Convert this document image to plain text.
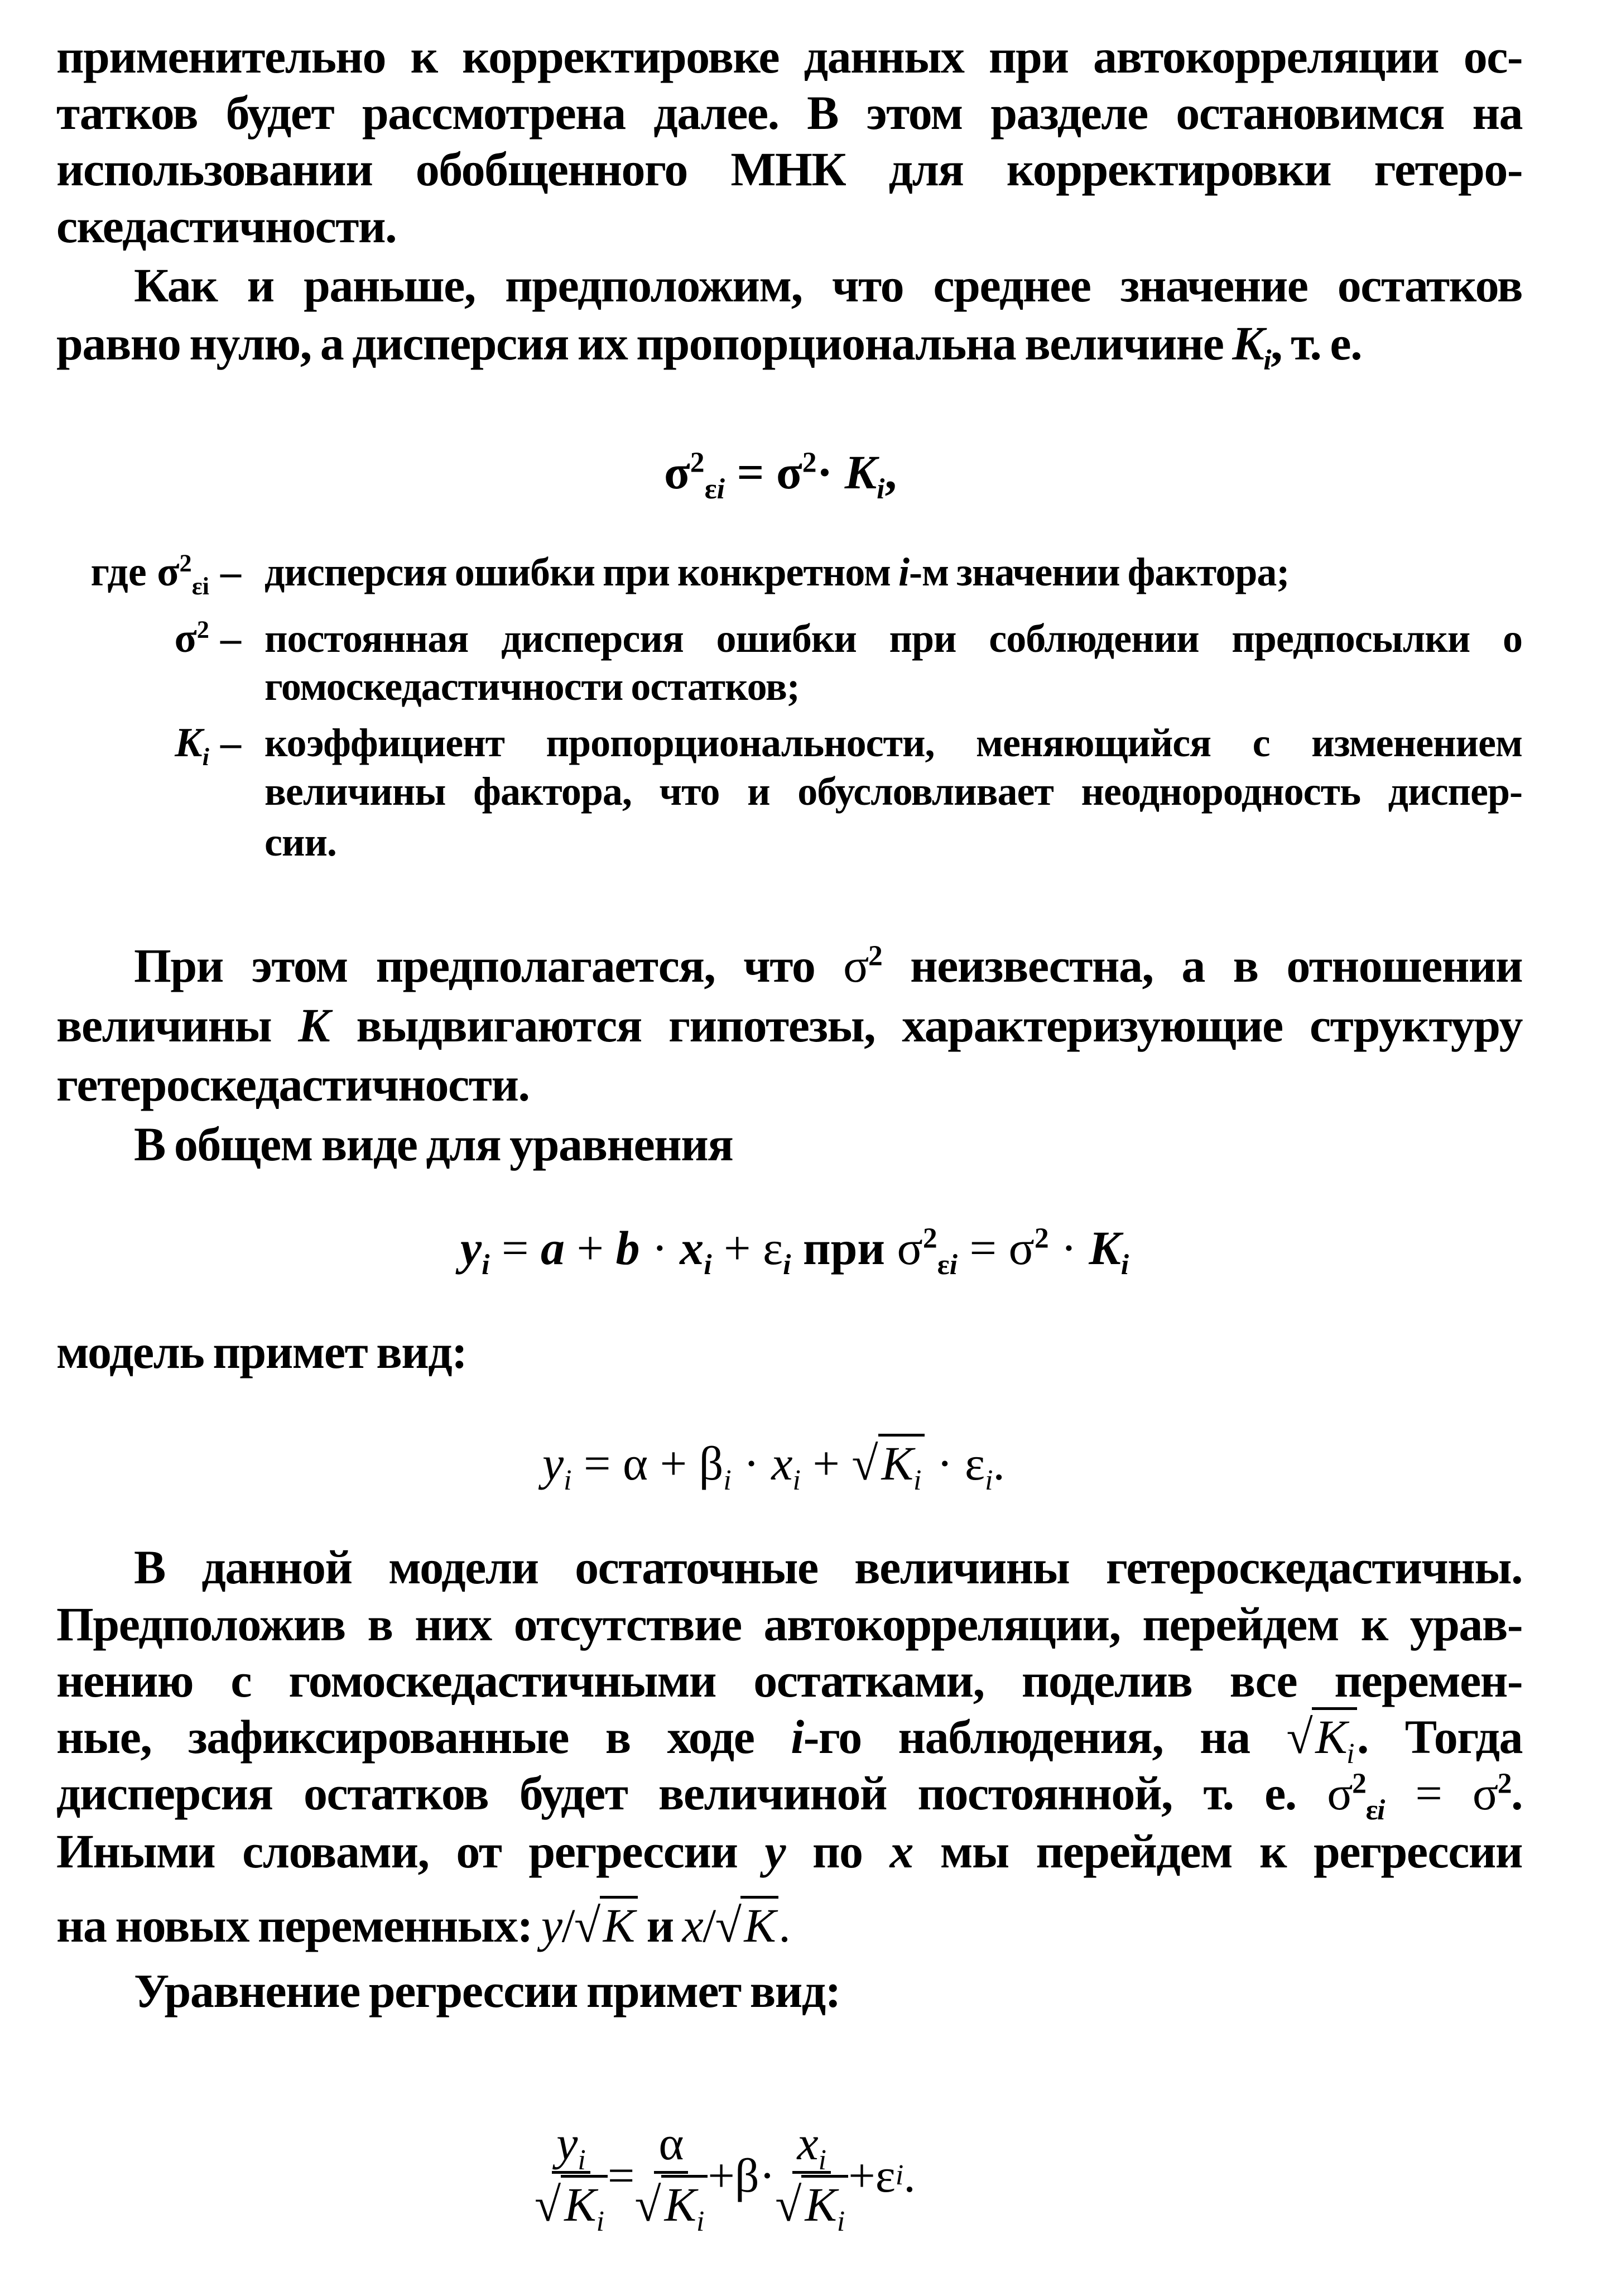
применительно к корректировке данных при автокорреляции ос-
татков будет рассмотрена далее. В этом разделе остановимся на
использовании обобщенного МНК для корректировки гетеро-
скедастичности.
Как и раньше, предположим, что среднее значение остатков
равно нулю, а дисперсия их пропорциональна величине $K_i$, т. е.
$\sigma^2_{\varepsilon i} = \sigma^2\cdot K_i$,
где $\sigma^2_{\varepsilon i}$ – дисперсия ошибки при конкретном i-м значении фактора;
$\sigma^2$ – постоянная дисперсия ошибки при соблюдении предпосылки о
гомоскедастичности остатков;
$K_i$ – коэффициент пропорциональности, меняющийся с изменением
величины фактора, что и обусловливает неоднородность диспер-
сии.
При этом предполагается, что $\sigma^2$ неизвестна, а в отношении
величины K выдвигаются гипотезы, характеризующие структуру
гетероскедастичности.
В общем виде для уравнения
$y_i = a + b \cdot x_i + \varepsilon_i$ при $\sigma^2_{\varepsilon i} = \sigma^2 \cdot K_i$
модель примет вид:
$y_i = \alpha + \beta_i \cdot x_i + √K_i \cdot \varepsilon_i$.
В данной модели остаточные величины гетероскедастичны.
Предположив в них отсутствие автокорреляции, перейдем к урав-
нению с гомоскедастичными остатками, поделив все перемен-
ные, зафиксированные в ходе i-го наблюдения, на $√K_i$. Тогда
дисперсия остатков будет величиной постоянной, т. е. $\sigma^2_{\varepsilon i} = \sigma^2$.
Иными словами, от регрессии y по x мы перейдем к регрессии
на новых переменных: y/√K и x/√K.
Уравнение регрессии примет вид:
$\frac{y_i}{√K_i} = \frac{\alpha}{√K_i} + \beta \cdot \frac{x_i}{√K_i} + \varepsilon$ i .
